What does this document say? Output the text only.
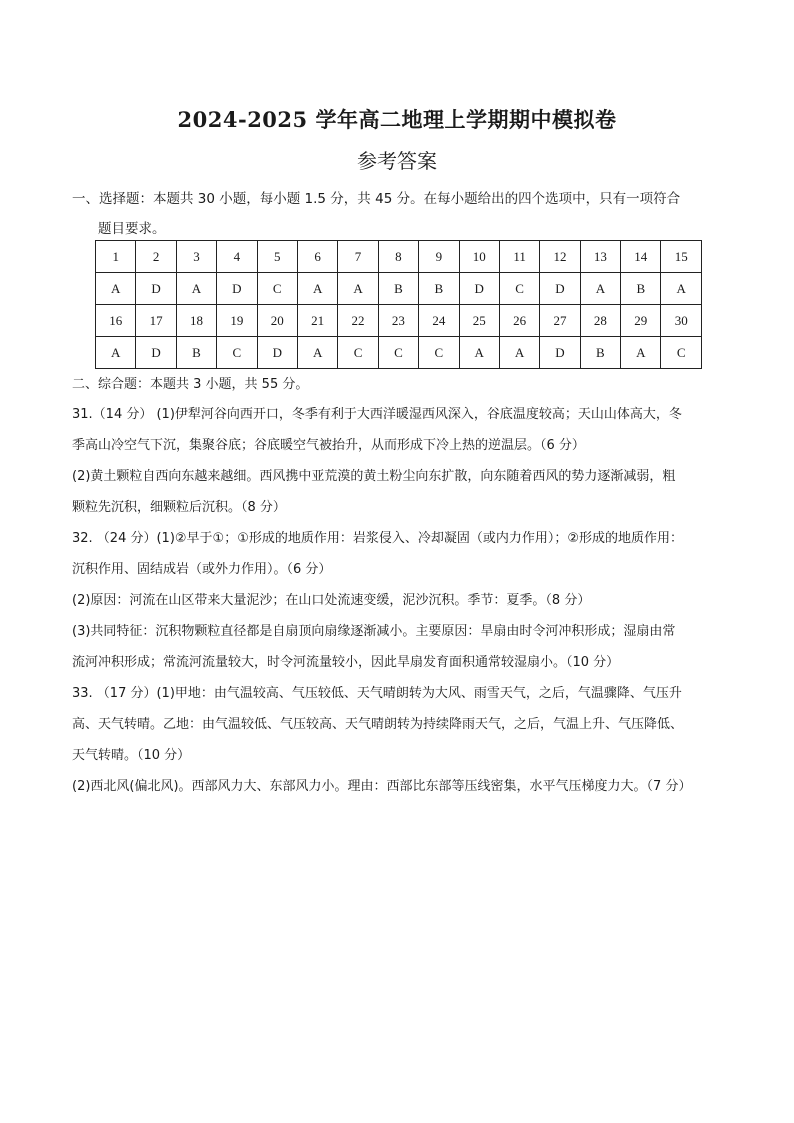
2024-2025 学年高二地理上学期期中模拟卷
参考答案
一、选择题：本题共 30 小题，每小题 1.5 分，共 45 分。在每小题给出的四个选项中，只有一项符合
题目要求。
1	2	3	4	5	6	7	8	9	10	11	12	13	14	15
A	D	A	D	C	A	A	B	B	D	C	D	A	B	A
16	17	18	19	20	21	22	23	24	25	26	27	28	29	30
A	D	B	C	D	A	C	C	C	A	A	D	B	A	C
二、综合题：本题共 3 小题，共 55 分。
31.（14 分） (1)伊犁河谷向西开口，冬季有利于大西洋暖湿西风深入，谷底温度较高；天山山体高大，冬
季高山冷空气下沉，集聚谷底；谷底暖空气被抬升，从而形成下冷上热的逆温层。（6 分）
(2)黄土颗粒自西向东越来越细。西风携中亚荒漠的黄土粉尘向东扩散，向东随着西风的势力逐渐减弱，粗
颗粒先沉积，细颗粒后沉积。（8 分）
32. （24 分）(1)②早于①；①形成的地质作用：岩浆侵入、冷却凝固（或内力作用）；②形成的地质作用：
沉积作用、固结成岩（或外力作用）。（6 分）
(2)原因：河流在山区带来大量泥沙；在山口处流速变缓，泥沙沉积。季节：夏季。（8 分）
(3)共同特征：沉积物颗粒直径都是自扇顶向扇缘逐渐减小。主要原因：旱扇由时令河冲积形成；湿扇由常
流河冲积形成；常流河流量较大，时令河流量较小，因此旱扇发育面积通常较湿扇小。（10 分）
33. （17 分）(1)甲地：由气温较高、气压较低、天气晴朗转为大风、雨雪天气，之后，气温骤降、气压升
高、天气转晴。乙地：由气温较低、气压较高、天气晴朗转为持续降雨天气，之后，气温上升、气压降低、
天气转晴。（10 分）
(2)西北风(偏北风)。西部风力大、东部风力小。理由：西部比东部等压线密集，水平气压梯度力大。（7 分）
